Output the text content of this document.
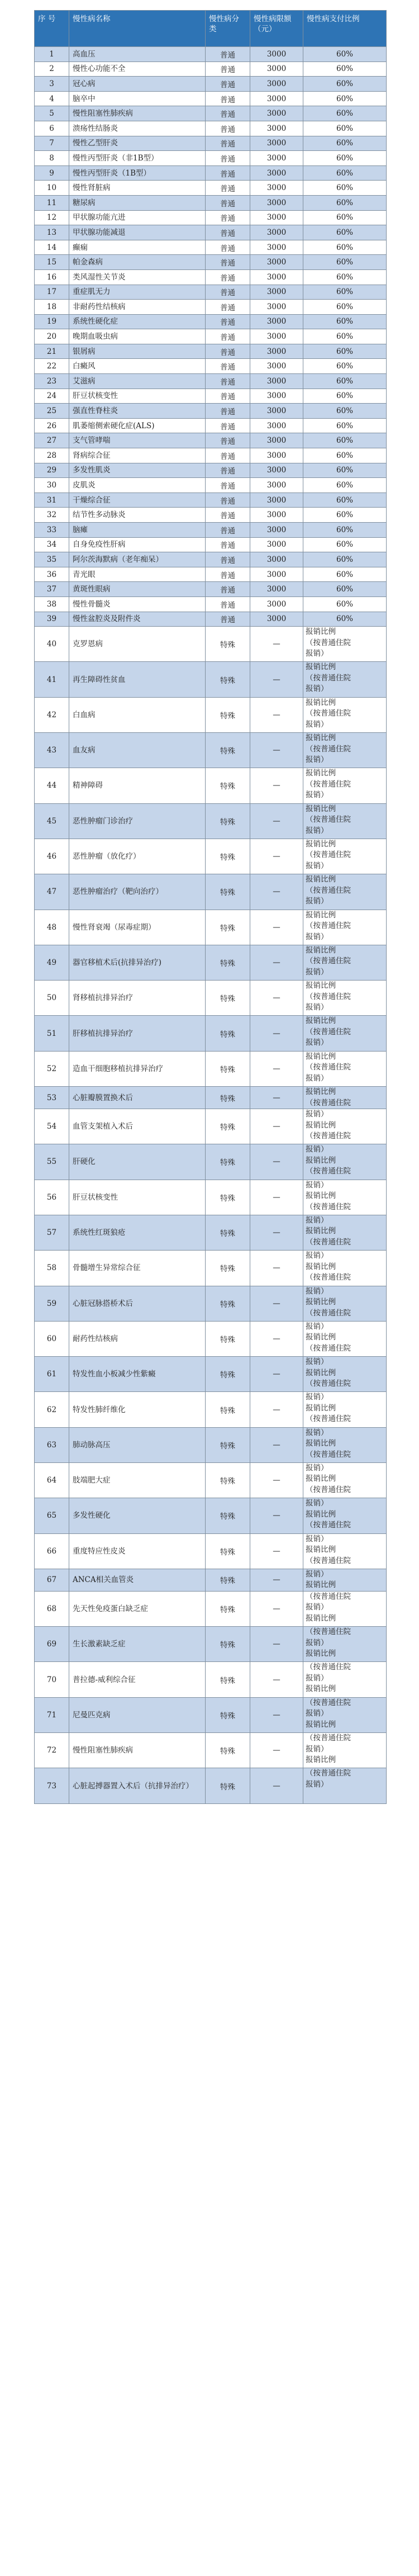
序 号	慢性病名称	慢性病分类	慢性病限额（元）	慢性病支付比例
1	高血压	普通	3000	60%
2	慢性心功能不全	普通	3000	60%
3	冠心病	普通	3000	60%
4	脑卒中	普通	3000	60%
5	慢性阻塞性肺疾病	普通	3000	60%
6	溃疡性结肠炎	普通	3000	60%
7	慢性乙型肝炎	普通	3000	60%
8	慢性丙型肝炎（非1B型）	普通	3000	60%
9	慢性丙型肝炎（1B型）	普通	3000	60%
10	慢性肾脏病	普通	3000	60%
11	糖尿病	普通	3000	60%
12	甲状腺功能亢进	普通	3000	60%
13	甲状腺功能减退	普通	3000	60%
14	癫痫	普通	3000	60%
15	帕金森病	普通	3000	60%
16	类风湿性关节炎	普通	3000	60%
17	重症肌无力	普通	3000	60%
18	非耐药性结核病	普通	3000	60%
19	系统性硬化症	普通	3000	60%
20	晚期血吸虫病	普通	3000	60%
21	银屑病	普通	3000	60%
22	白癜风	普通	3000	60%
23	艾滋病	普通	3000	60%
24	肝豆状核变性	普通	3000	60%
25	强直性脊柱炎	普通	3000	60%
26	肌萎缩侧索硬化症(ALS)	普通	3000	60%
27	支气管哮喘	普通	3000	60%
28	肾病综合征	普通	3000	60%
29	多发性肌炎	普通	3000	60%
30	皮肌炎	普通	3000	60%
31	干燥综合征	普通	3000	60%
32	结节性多动脉炎	普通	3000	60%
33	脑瘫	普通	3000	60%
34	自身免疫性肝病	普通	3000	60%
35	阿尔茨海默病（老年痴呆）	普通	3000	60%
36	青光眼	普通	3000	60%
37	黄斑性眼病	普通	3000	60%
38	慢性骨髓炎	普通	3000	60%
39	慢性盆腔炎及附件炎	普通	3000	60%
40	克罗恩病	特殊	—	报销比例
（按普通住院
报销）
41	再生障碍性贫血	特殊	—	报销比例
（按普通住院
报销）
42	白血病	特殊	—	报销比例
（按普通住院
报销）
43	血友病	特殊	—	报销比例
（按普通住院
报销）
44	精神障碍	特殊	—	报销比例
（按普通住院
报销）
45	恶性肿瘤门诊治疗	特殊	—	报销比例
（按普通住院
报销）
46	恶性肿瘤（放化疗）	特殊	—	报销比例
（按普通住院
报销）
47	恶性肿瘤治疗（靶向治疗）	特殊	—	报销比例
（按普通住院
报销）
48	慢性肾衰竭（尿毒症期）	特殊	—	报销比例
（按普通住院
报销）
49	器官移植术后(抗排异治疗)	特殊	—	报销比例
（按普通住院
报销）
50	肾移植抗排异治疗	特殊	—	报销比例
（按普通住院
报销）
51	肝移植抗排异治疗	特殊	—	报销比例
（按普通住院
报销）
52	造血干细胞移植抗排异治疗	特殊	—	报销比例
（按普通住院
报销）
53	心脏瓣膜置换术后	特殊	—	报销比例
（按普通住院
54	血管支架植入术后	特殊	—	报销）
报销比例
（按普通住院
55	肝硬化	特殊	—	报销）
报销比例
（按普通住院
56	肝豆状核变性	特殊	—	报销）
报销比例
（按普通住院
57	系统性红斑狼疮	特殊	—	报销）
报销比例
（按普通住院
58	骨髓增生异常综合征	特殊	—	报销）
报销比例
（按普通住院
59	心脏冠脉搭桥术后	特殊	—	报销）
报销比例
（按普通住院
60	耐药性结核病	特殊	—	报销）
报销比例
（按普通住院
61	特发性血小板减少性紫癜	特殊	—	报销）
报销比例
（按普通住院
62	特发性肺纤维化	特殊	—	报销）
报销比例
（按普通住院
63	肺动脉高压	特殊	—	报销）
报销比例
（按普通住院
64	肢端肥大症	特殊	—	报销）
报销比例
（按普通住院
65	多发性硬化	特殊	—	报销）
报销比例
（按普通住院
66	重度特应性皮炎	特殊	—	报销）
报销比例
（按普通住院
67	ANCA相关血管炎	特殊	—	报销）
报销比例
68	先天性免疫蛋白缺乏症	特殊	—	（按普通住院
报销）
报销比例
69	生长激素缺乏症	特殊	—	（按普通住院
报销）
报销比例
70	普拉德-威利综合征	特殊	—	（按普通住院
报销）
报销比例
71	尼曼匹克病	特殊	—	（按普通住院
报销）
报销比例
72	慢性阻塞性肺疾病	特殊	—	（按普通住院
报销）
报销比例
73	心脏起搏器置入术后（抗排异治疗）	特殊	—	（按普通住院
报销）
